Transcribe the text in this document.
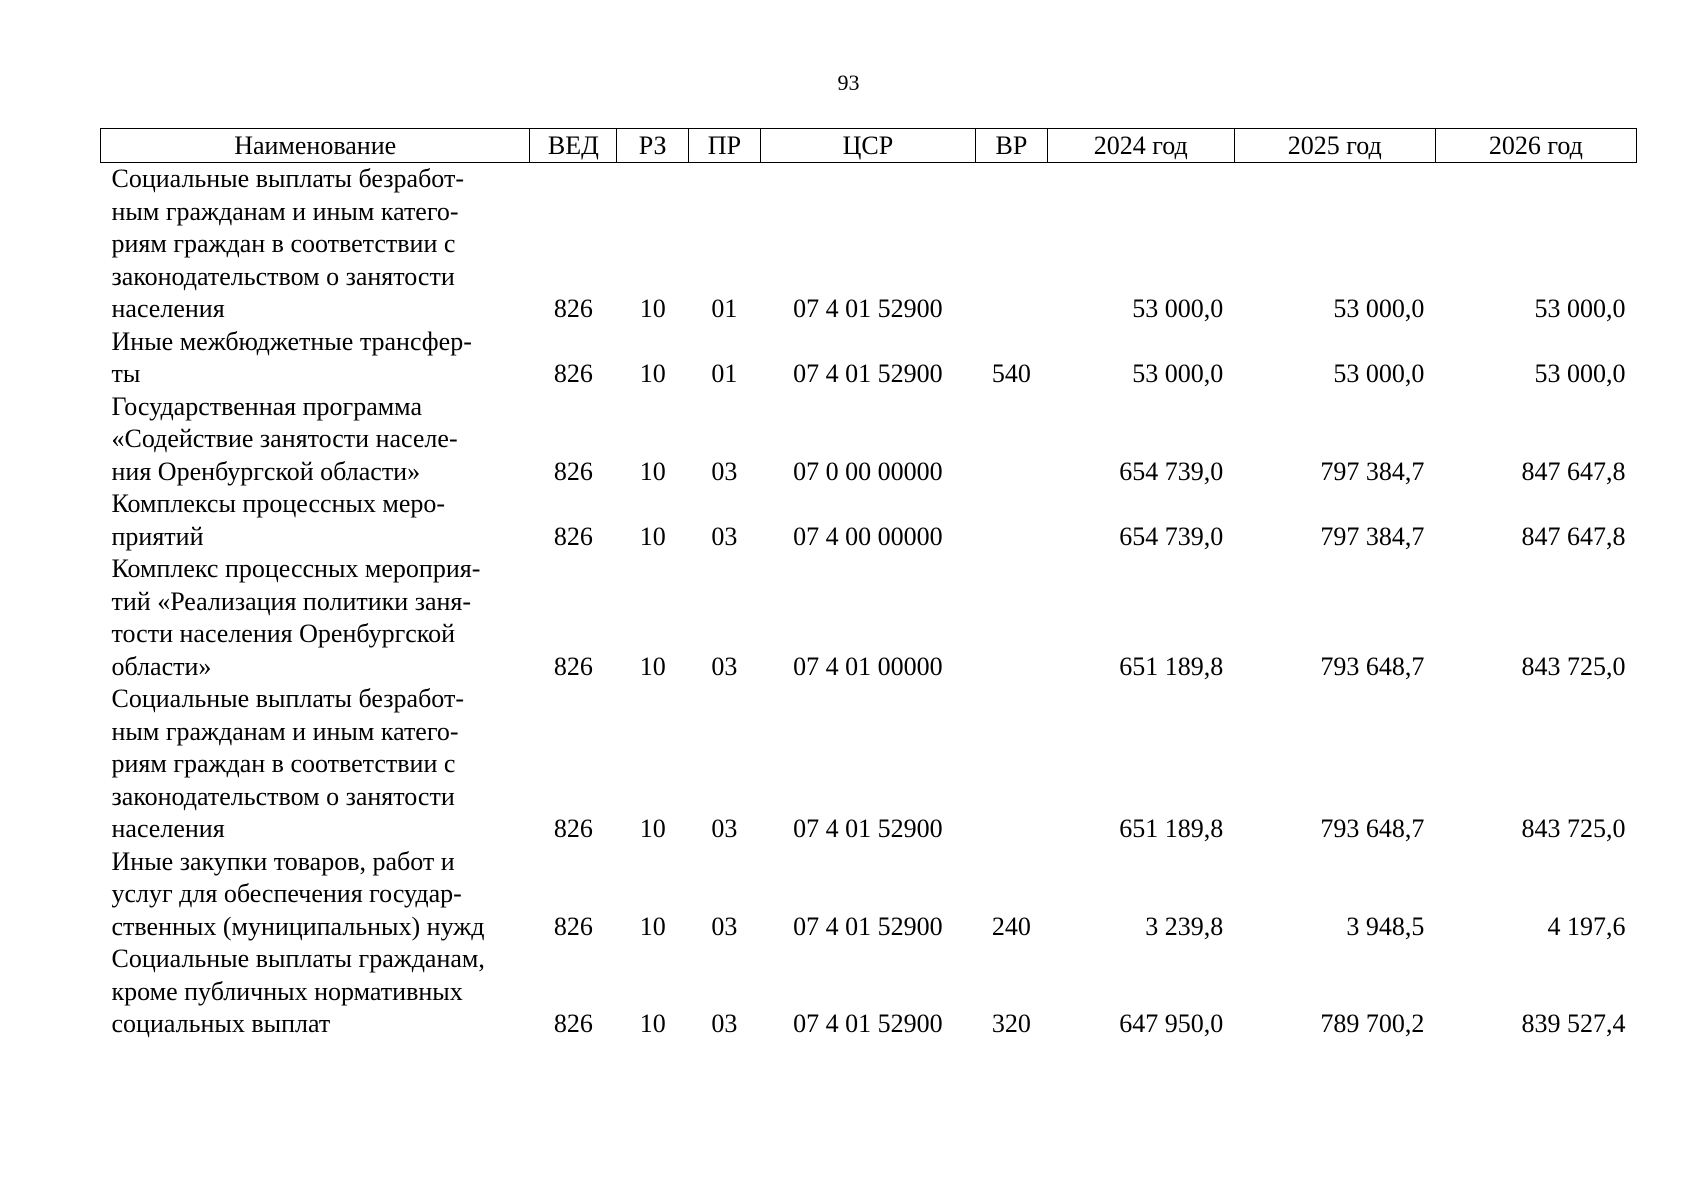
93
Наименование	ВЕД	РЗ	ПР	ЦСР	ВР	2024 год	2025 год	2026 год
Социальные выплаты безработ-
ным гражданам и иным катего-
риям граждан в соответствии с
законодательством о занятости
населения	826	10	01	07 4 01 52900		53 000,0	53 000,0	53 000,0
Иные межбюджетные трансфер-
ты	826	10	01	07 4 01 52900	540	53 000,0	53 000,0	53 000,0
Государственная программа
«Содействие занятости населе-
ния Оренбургской области»	826	10	03	07 0 00 00000		654 739,0	797 384,7	847 647,8
Комплексы процессных меро-
приятий	826	10	03	07 4 00 00000		654 739,0	797 384,7	847 647,8
Комплекс процессных мероприя-
тий «Реализация политики заня-
тости населения Оренбургской
области»	826	10	03	07 4 01 00000		651 189,8	793 648,7	843 725,0
Социальные выплаты безработ-
ным гражданам и иным катего-
риям граждан в соответствии с
законодательством о занятости
населения	826	10	03	07 4 01 52900		651 189,8	793 648,7	843 725,0
Иные закупки товаров, работ и
услуг для обеспечения государ-
ственных (муниципальных) нужд	826	10	03	07 4 01 52900	240	3 239,8	3 948,5	4 197,6
Социальные выплаты гражданам,
кроме публичных нормативных
социальных выплат	826	10	03	07 4 01 52900	320	647 950,0	789 700,2	839 527,4
